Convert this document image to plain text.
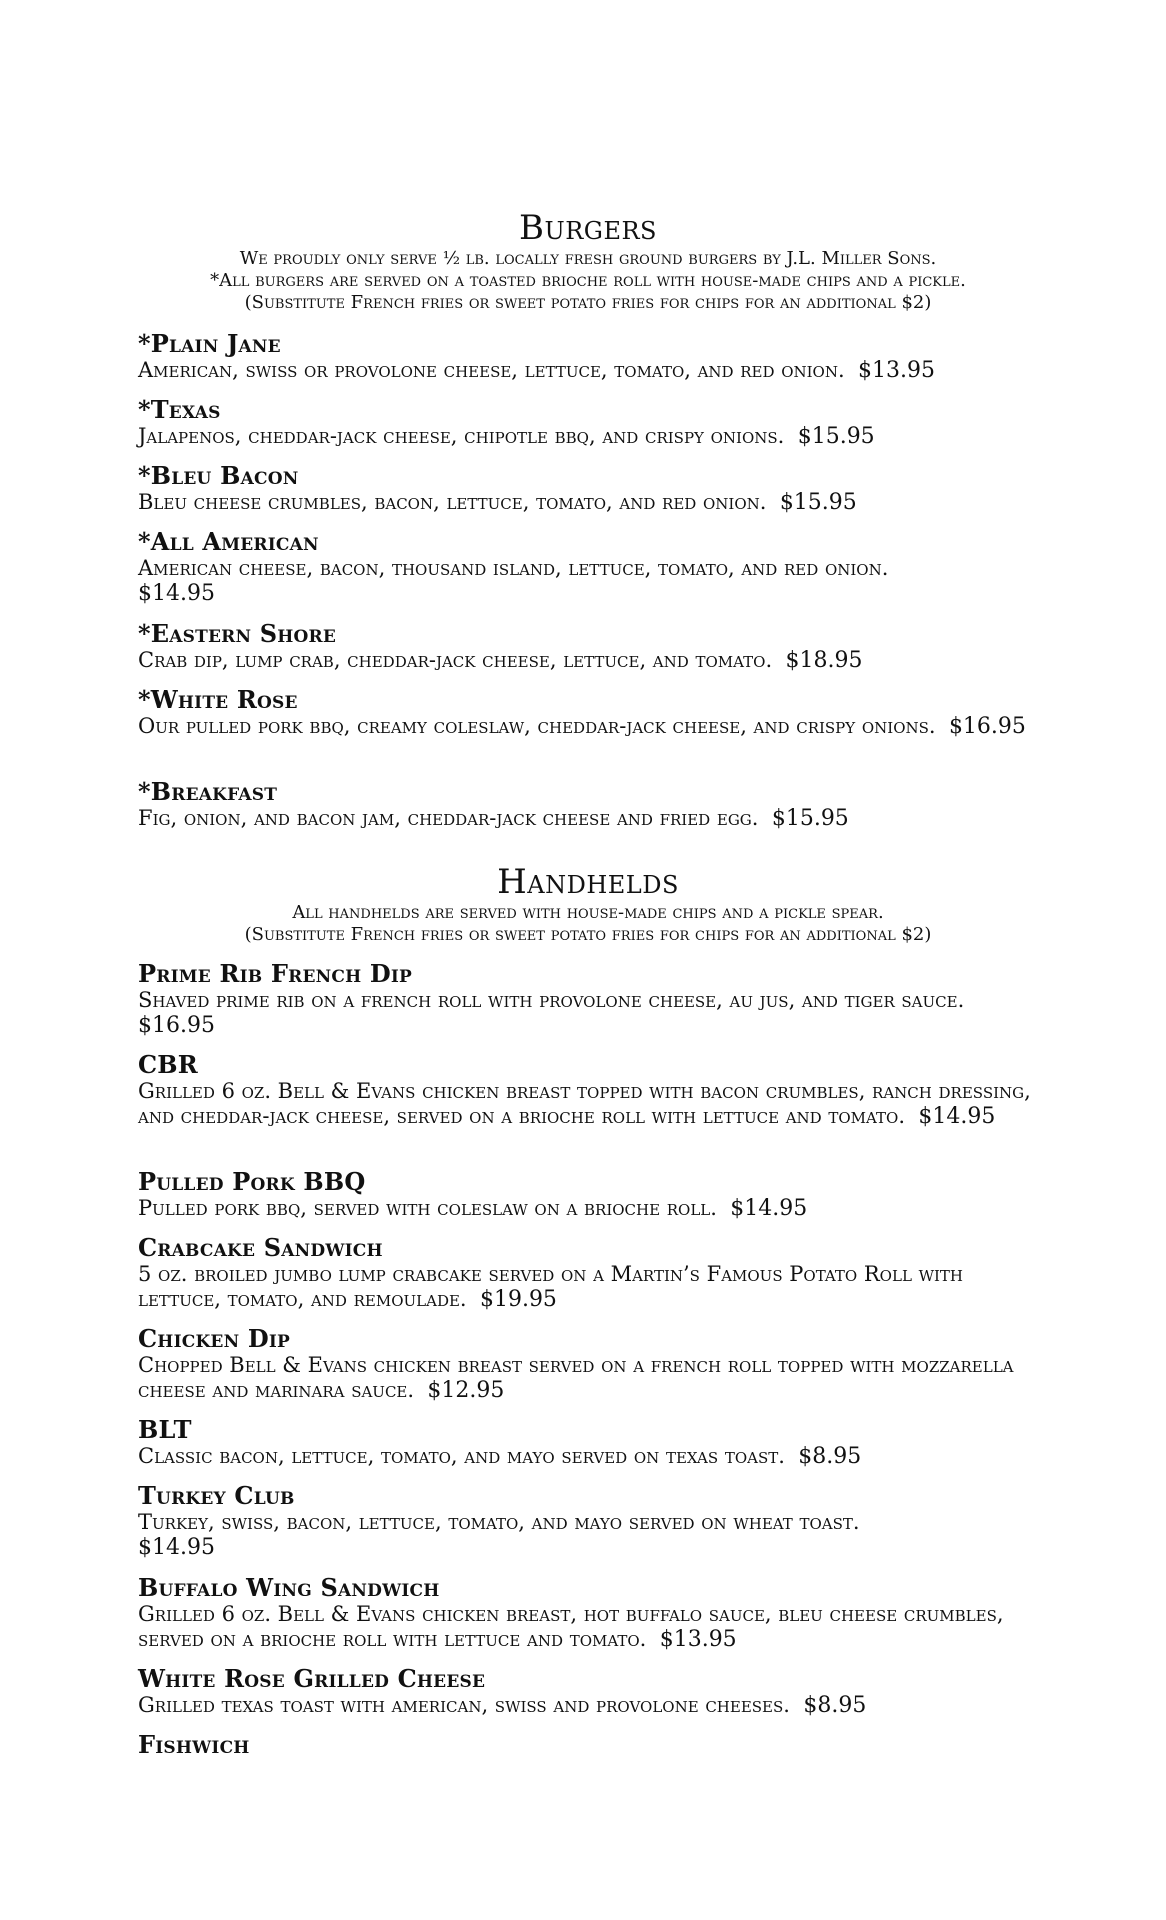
Burgers

We proudly only serve ½ lb. locally fresh ground burgers by J.L. Miller Sons.

*All burgers are served on a toasted brioche roll with house-made chips and a pickle.

(Substitute French fries or sweet potato fries for chips for an additional $2)

*Plain Jane
American, swiss or provolone cheese, lettuce, tomato, and red onion. $13.95
*Texas
Jalapenos, cheddar-jack cheese, chipotle bbq, and crispy onions. $15.95
*Bleu Bacon
Bleu cheese crumbles, bacon, lettuce, tomato, and red onion. $15.95
*All American
American cheese, bacon, thousand island, lettuce, tomato, and red onion.
$14.95
*Eastern Shore
Crab dip, lump crab, cheddar-jack cheese, lettuce, and tomato. $18.95
*White Rose
Our pulled pork bbq, creamy coleslaw, cheddar-jack cheese, and crispy onions. $16.95
*Breakfast
Fig, onion, and bacon jam, cheddar-jack cheese and fried egg. $15.95
Handhelds

All handhelds are served with house-made chips and a pickle spear.

(Substitute French fries or sweet potato fries for chips for an additional $2)

Prime Rib French Dip
Shaved prime rib on a french roll with provolone cheese, au jus, and tiger sauce.  $16.95
CBR
Grilled 6 oz. Bell & Evans chicken breast topped with bacon crumbles, ranch dressing, and cheddar-jack cheese, served on a brioche roll with lettuce and tomato. $14.95
Pulled Pork BBQ
Pulled pork bbq, served with coleslaw on a brioche roll. $14.95
Crabcake Sandwich
5 oz. broiled jumbo lump crabcake served on a Martin’s Famous Potato Roll with lettuce, tomato, and remoulade. $19.95
Chicken Dip
Chopped Bell & Evans chicken breast served on a french roll topped with mozzarella cheese and marinara sauce. $12.95
BLT
Classic bacon, lettuce, tomato, and mayo served on texas toast. $8.95
Turkey Club
Turkey, swiss, bacon, lettuce, tomato, and mayo served on wheat toast.
$14.95
Buffalo Wing Sandwich
Grilled 6 oz. Bell & Evans chicken breast, hot buffalo sauce, bleu cheese crumbles, served on a brioche roll with lettuce and tomato. $13.95
White Rose Grilled Cheese
Grilled texas toast with american, swiss and provolone cheeses. $8.95
Fishwich
